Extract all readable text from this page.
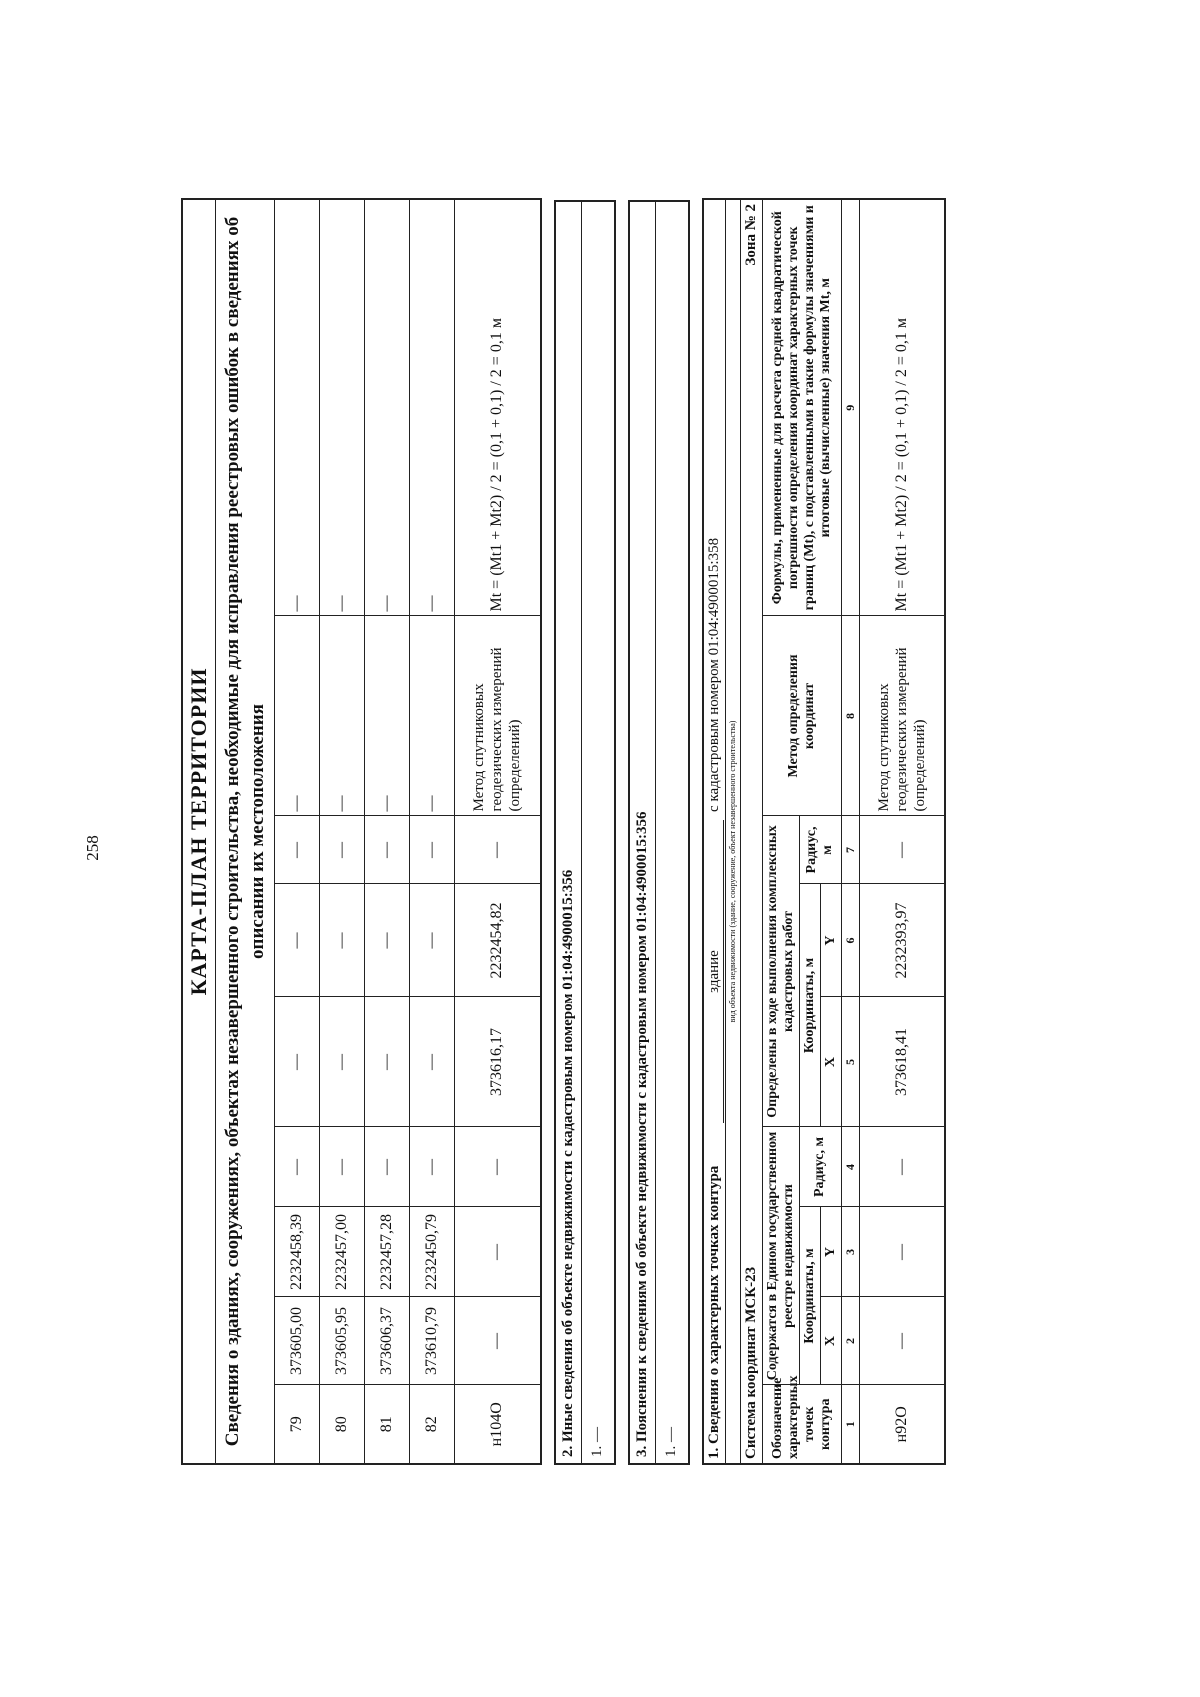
258	КАРТА-ПЛАН ТЕРРИТОРИИ								
Сведения о зданиях, сооружениях, объектах незавершенного строительства, необходимые для исправления реестровых ошибок в сведениях об описании их местоположения								
79	373605,00	2232458,39	—	—	—	—	—	—
80	373605,95	2232457,00	—	—	—	—	—	—
81	373606,37	2232457,28	—	—	—	—	—	—
82	373610,79	2232450,79	—	—	—	—	—	—
н104О	—	—	—	373616,17	2232454,82	—	Метод спутниковых геодезических измерений (определений)	Mt = (Mt1 + Mt2) / 2 = (0,1 + 0,1) / 2 = 0,1 м
2. Иные сведения об объекте недвижимости с кадастровым номером 01:04:4900015:356
1. — 3. Пояснения к сведениям об объекте недвижимости с кадастровым номером 01:04:4900015:356
1. — 1. Сведения о характерных точках контура				здание			с кадастровым номером 01:04:4900015:358	
				вид объекта недвижимости (здание, сооружение, объект незавершенного строительства)				
Система координат МСК-23					Зона № 2			
Обозначение характерных точек контура	Содержатся в Едином государственном реестре недвижимости			Определены в ходе выполнения комплексных кадастровых работ			Метод определения координат	Формулы, примененные для расчета средней квадратической погрешности определения координат характерных точек границ (Mt), с подставленными в такие формулы значениями и итоговые (вычисленные) значения Mt, м
	Координаты, м		Радиус, м	Координаты, м		Радиус, м		
	X	Y		X	Y			
1	2	3	4	5	6	7	8	9
н92О	—	—	—	373618,41	2232393,97	—	Метод спутниковых геодезических измерений (определений)	Mt = (Mt1 + Mt2) / 2 = (0,1 + 0,1) / 2 = 0,1 м
